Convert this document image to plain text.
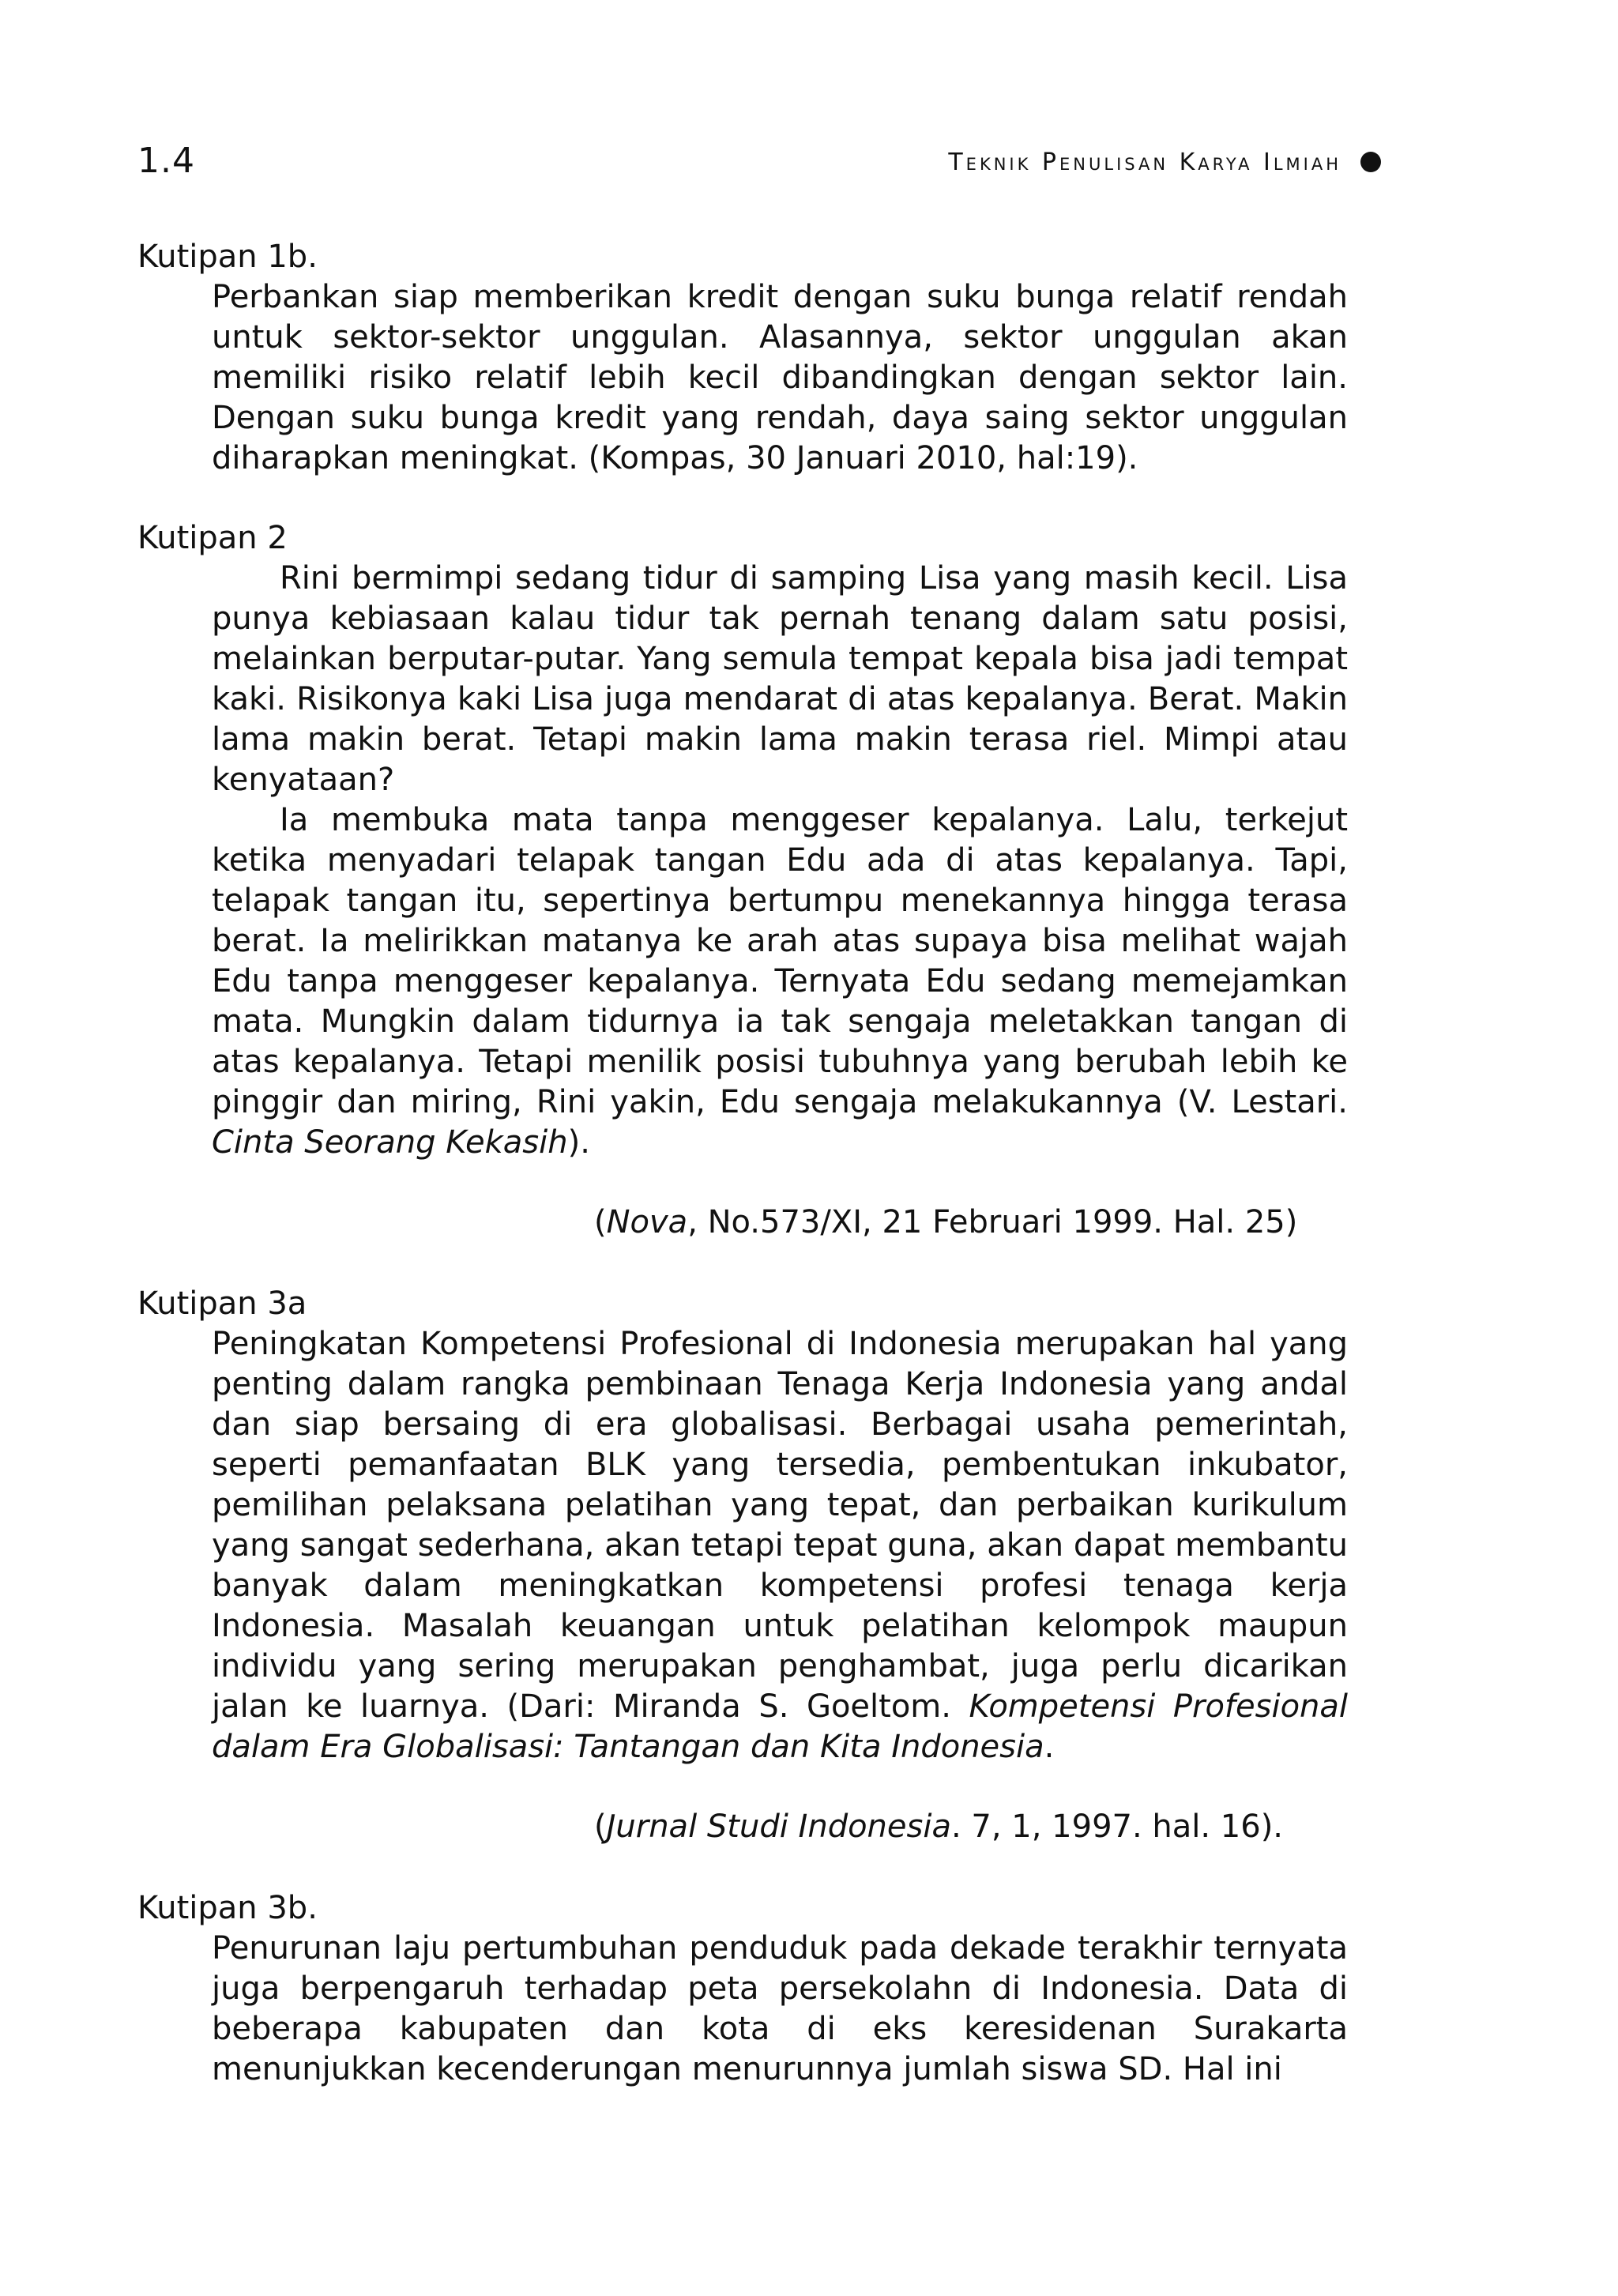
1.4	Teknik Penulisan Karya Ilmiah

Kutipan 1b.

Perbankan siap memberikan kredit dengan suku bunga relatif rendah untuk sektor-sektor unggulan. Alasannya, sektor unggulan akan memiliki risiko relatif lebih kecil dibandingkan dengan sektor lain. Dengan suku bunga kredit yang rendah, daya saing sektor unggulan diharapkan meningkat. (Kompas, 30 Januari 2010, hal:19).

Kutipan 2

Rini bermimpi sedang tidur di samping Lisa yang masih kecil. Lisa punya kebiasaan kalau tidur tak pernah tenang dalam satu posisi, melainkan berputar-putar. Yang semula tempat kepala bisa jadi tempat kaki. Risikonya kaki Lisa juga mendarat di atas kepalanya. Berat. Makin lama makin berat. Tetapi makin lama makin terasa riel. Mimpi atau kenyataan?

Ia membuka mata tanpa menggeser kepalanya. Lalu, terkejut ketika menyadari telapak tangan Edu ada di atas kepalanya. Tapi, telapak tangan itu, sepertinya bertumpu menekannya hingga terasa berat. Ia melirikkan matanya ke arah atas supaya bisa melihat wajah Edu tanpa menggeser kepalanya. Ternyata Edu sedang memejamkan mata. Mungkin dalam tidurnya ia tak sengaja meletakkan tangan di atas kepalanya. Tetapi menilik posisi tubuhnya yang berubah lebih ke pinggir dan miring, Rini yakin, Edu sengaja melakukannya (V. Lestari. Cinta Seorang Kekasih).

(Nova, No.573/XI, 21 Februari 1999. Hal. 25)

Kutipan 3a

Peningkatan Kompetensi Profesional di Indonesia merupakan hal yang penting dalam rangka pembinaan Tenaga Kerja Indonesia yang andal dan siap bersaing di era globalisasi. Berbagai usaha pemerintah, seperti pemanfaatan BLK yang tersedia, pembentukan inkubator, pemilihan pelaksana pelatihan yang tepat, dan perbaikan kurikulum yang sangat sederhana, akan tetapi tepat guna, akan dapat membantu banyak dalam meningkatkan kompetensi profesi tenaga kerja Indonesia. Masalah keuangan untuk pelatihan kelompok maupun individu yang sering merupakan penghambat, juga perlu dicarikan jalan ke luarnya. (Dari: Miranda S. Goeltom. Kompetensi Profesional dalam Era Globalisasi: Tantangan dan Kita Indonesia.

(Jurnal Studi Indonesia. 7, 1, 1997. hal. 16).

Kutipan 3b.

Penurunan laju pertumbuhan penduduk pada dekade terakhir ternyata juga berpengaruh terhadap peta persekolahn di Indonesia. Data di beberapa kabupaten dan kota di eks keresidenan Surakarta menunjukkan kecenderungan menurunnya jumlah siswa SD. Hal ini
